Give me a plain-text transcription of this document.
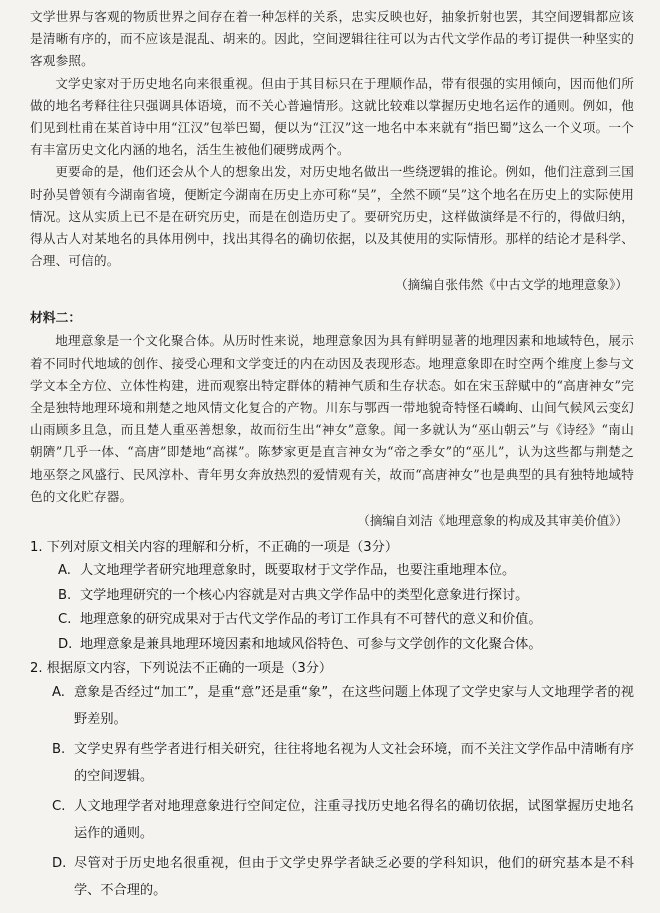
文学世界与客观的物质世界之间存在着一种怎样的关系，忠实反映也好，抽象折射也罢，其空间逻辑都应该是清晰有序的，而不应该是混乱、胡来的。因此，空间逻辑往往可以为古代文学作品的考订提供一种坚实的客观参照。

文学史家对于历史地名向来很重视。但由于其目标只在于理顺作品，带有很强的实用倾向，因而他们所做的地名考释往往只强调具体语境，而不关心普遍情形。这就比较难以掌握历史地名运作的通则。例如，他们见到杜甫在某首诗中用“江汉”包举巴蜀，便以为“江汉”这一地名中本来就有“指巴蜀”这么一个义项。一个有丰富历史文化内涵的地名，活生生被他们硬劈成两个。

更要命的是，他们还会从个人的想象出发，对历史地名做出一些绕逻辑的推论。例如，他们注意到三国时孙吴曾领有今湖南省境，便断定今湖南在历史上亦可称“吴”，全然不顾“吴”这个地名在历史上的实际使用情况。这从实质上已不是在研究历史，而是在创造历史了。要研究历史，这样做演绎是不行的，得做归纳，得从古人对某地名的具体用例中，找出其得名的确切依据，以及其使用的实际情形。那样的结论才是科学、合理、可信的。

（摘编自张伟然《中古文学的地理意象》）

材料二：

地理意象是一个文化聚合体。从历时性来说，地理意象因为具有鲜明显著的地理因素和地域特色，展示着不同时代地域的创作、接受心理和文学变迁的内在动因及表现形态。地理意象即在时空两个维度上参与文学文本全方位、立体性构建，进而观察出特定群体的精神气质和生存状态。如在宋玉辞赋中的“高唐神女”完全是独特地理环境和荆楚之地风情文化复合的产物。川东与鄂西一带地貌奇特怪石嶙峋、山间气候风云变幻山雨顾多且急，而且楚人重巫善想象，故而衍生出“神女”意象。闻一多就认为“巫山朝云”与《诗经》“南山朝隮”几乎一体、“高唐”即楚地“高禖”。陈梦家更是直言神女为“帝之季女”的“巫儿”，认为这些都与荆楚之地巫祭之风盛行、民风淳朴、青年男女奔放热烈的爱情观有关，故而“高唐神女”也是典型的具有独特地域特色的文化贮存器。

（摘编自刘洁《地理意象的构成及其审美价值》）

1. 下列对原文相关内容的理解和分析，不正确的一项是（3分）

A. 人文地理学者研究地理意象时，既要取材于文学作品，也要注重地理本位。
B. 文学地理研究的一个核心内容就是对古典文学作品中的类型化意象进行探讨。
C. 地理意象的研究成果对于古代文学作品的考订工作具有不可替代的意义和价值。
D. 地理意象是兼具地理环境因素和地域风俗特色、可参与文学创作的文化聚合体。

2. 根据原文内容，下列说法不正确的一项是（3分）

A. 意象是否经过“加工”，是重“意”还是重“象”，在这些问题上体现了文学史家与人文地理学者的视野差别。
B. 文学史界有些学者进行相关研究，往往将地名视为人文社会环境，而不关注文学作品中清晰有序的空间逻辑。
C. 人文地理学者对地理意象进行空间定位，注重寻找历史地名得名的确切依据，试图掌握历史地名运作的通则。
D. 尽管对于历史地名很重视，但由于文学史界学者缺乏必要的学科知识，他们的研究基本是不科学、不合理的。
